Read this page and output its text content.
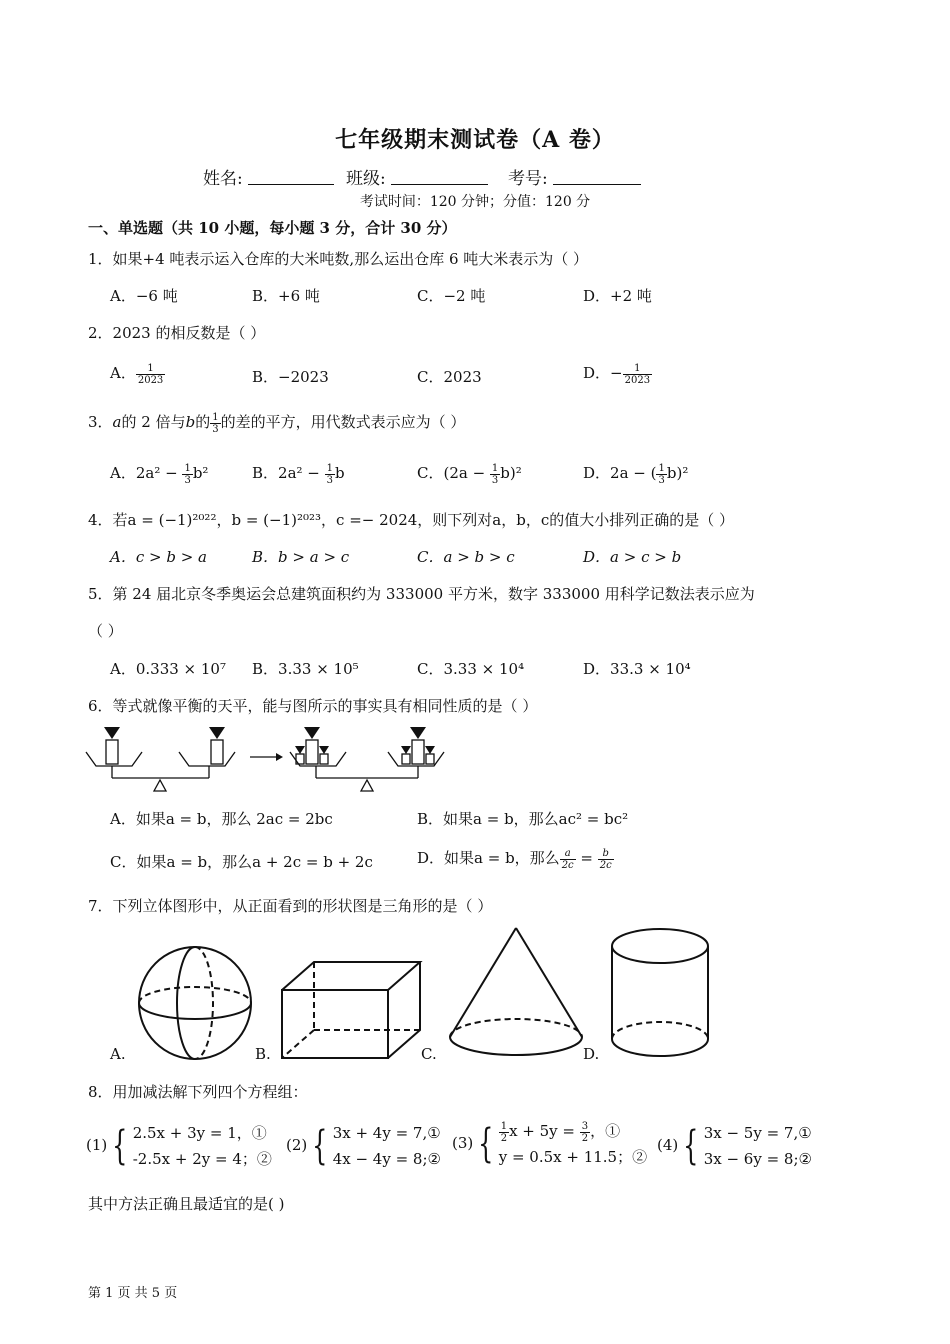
七年级期末测试卷（A 卷）
姓名:	班级:	考号:
考试时间：120 分钟；分值：120 分
一、单选题（共 10 小题，每小题 3 分，合计 30 分）
1．如果+4 吨表示运入仓库的大米吨数,那么运出仓库 6 吨大米表示为（ ）
A．−6 吨	B．+6 吨	C．−2 吨	D．+2 吨
2．2023 的相反数是（ ）
A． $\frac{1}{2023}$	B．−2023	C．2023	D．− $\frac{1}{2023}$
3．a的 2 倍与b的 $\frac{1}{3}$ 的差的平方，用代数式表示应为（ ）
A．$2a^2 - \frac{1}{3} b^2$	B．$2a^2 - \frac{1}{3}$ b	C．$(2a - \frac{1}{3} b)^2$	D．2a − ( $\frac{1}{3} b)^2$
4．若a = (−1)²⁰²²，b = (−1)²⁰²³，c =− 2024，则下列对a，b，c的值大小排列正确的是（ ）
A．c > b > a	B．b > a > c	C．a > b > c	D．a > c > b
5．第 24 届北京冬季奥运会总建筑面积约为 333000 平方米，数字 333000 用科学记数法表示应为
（ ）
A．0.333 × 10⁷ B．3.33 × 10⁵	C．3.33 × 10⁴	D．33.3 × 10⁴
6．等式就像平衡的天平，能与图所示的事实具有相同性质的是（ ）
A．如果a = b，那么 2ac = 2bc	B．如果a = b，那么ac² = bc²
C．如果a = b，那么a + 2c = b + 2c	D．如果a = b，那么 $\frac{a}{2c} = \frac{b}{2c}$
7．下列立体图形中，从正面看到的形状图是三角形的是（ ）
A.	B.	C.	D.
8．用加减法解下列四个方程组：
(1) { 2.5x + 3y = 1，①
-2.5x + 2y = 4；②
(2) { 3x + 4y = 7,①
4x − 4y = 8;②
(3) { $\frac{1}{2}$ $x + 5y = \frac{3}{2}$ ，①
y = 0.5x + 11.5；②
(4) { 3x − 5y = 7,①
3x − 6y = 8;②
其中方法正确且最适宜的是( )
第 1 页 共 5 页
